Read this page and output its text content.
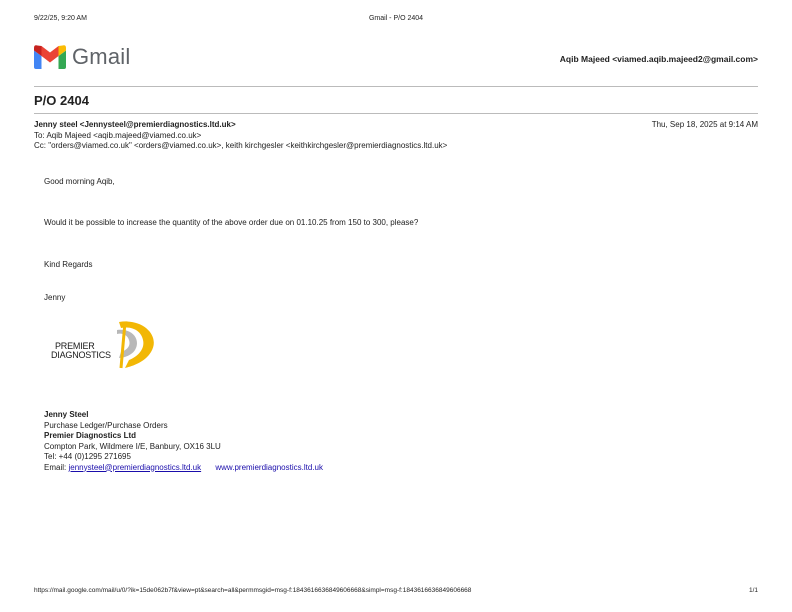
9/22/25, 9:20 AM	Gmail - P/O 2404
Gmail	Aqib Majeed <viamed.aqib.majeed2@gmail.com>
P/O 2404
Jenny steel <Jennysteel@premierdiagnostics.ltd.uk>	Thu, Sep 18, 2025 at 9:14 AM
To: Aqib Majeed <aqib.majeed@viamed.co.uk>
Cc: "orders@viamed.co.uk" <orders@viamed.co.uk>, keith kirchgesler <keithkirchgesler@premierdiagnostics.ltd.uk>
Good morning Aqib,
Would it be possible to increase the quantity of the above order due on 01.10.25 from 150 to 300, please?
Kind Regards
Jenny
PREMIER
DIAGNOSTICS
Jenny Steel
Purchase Ledger/Purchase Orders
Premier Diagnostics Ltd
Compton Park, Wildmere I/E, Banbury, OX16 3LU
Tel: +44 (0)1295 271695
Email: jennysteel@premierdiagnostics.ltd.uk www.premierdiagnostics.ltd.uk
https://mail.google.com/mail/u/0/?ik=15de062b7f&view=pt&search=all&permmsgid=msg-f:1843616636849606668&simpl=msg-f:1843616636849606668	1/1
